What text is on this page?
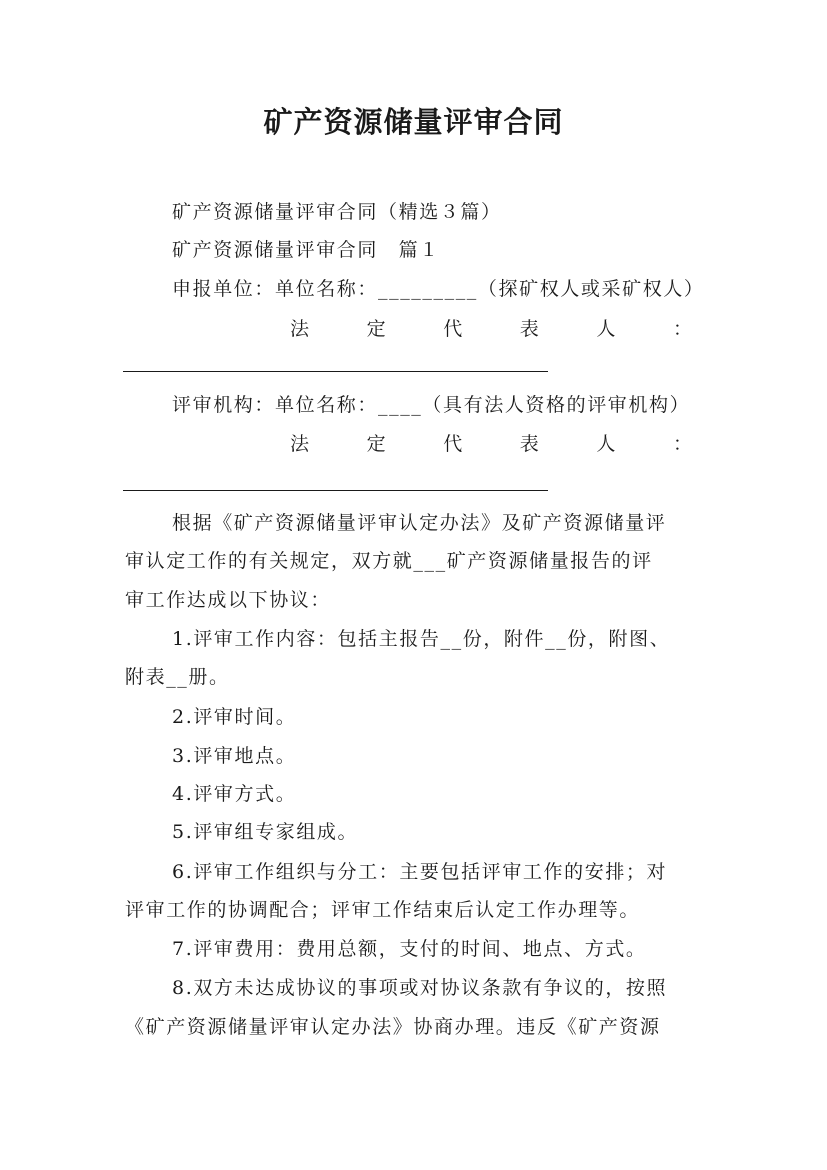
矿产资源储量评审合同
矿产资源储量评审合同（精选３篇）
矿产资源储量评审合同　篇１
申报单位：单位名称：_________（探矿权人或采矿权人）
法	定	代	表	人	：
评审机构：单位名称：____（具有法人资格的评审机构）
法	定	代	表	人	：
根据《矿产资源储量评审认定办法》及矿产资源储量评
审认定工作的有关规定，双方就___矿产资源储量报告的评
审工作达成以下协议：
1.评审工作内容：包括主报告__份，附件__份，附图、
附表__册。
2.评审时间。
3.评审地点。
4.评审方式。
5.评审组专家组成。
6.评审工作组织与分工：主要包括评审工作的安排；对
评审工作的协调配合；评审工作结束后认定工作办理等。
7.评审费用：费用总额，支付的时间、地点、方式。
8.双方未达成协议的事项或对协议条款有争议的，按照
《矿产资源储量评审认定办法》协商办理。违反《矿产资源
